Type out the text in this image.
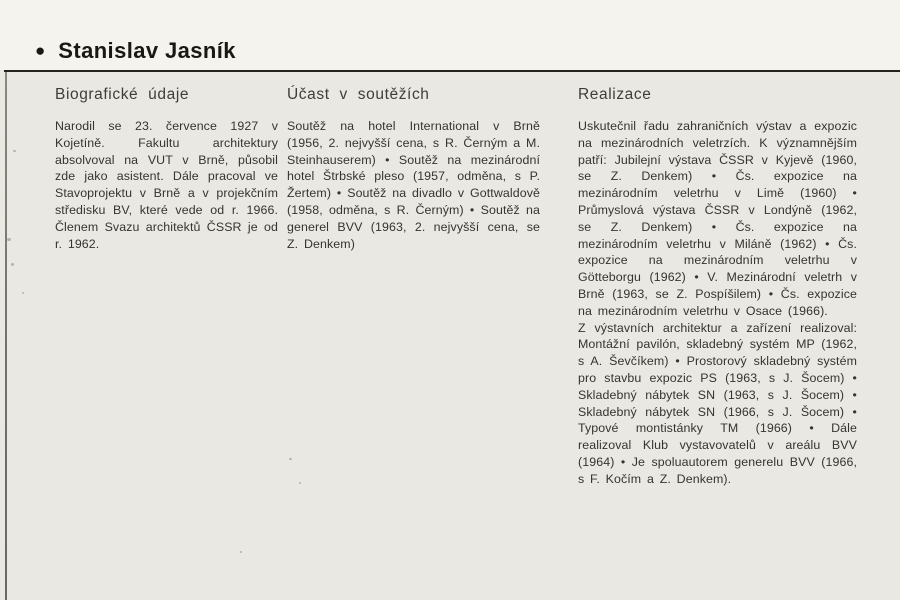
● Stanislav Jasník
Biografické údaje

Narodil se 23. července 1927 v Kojetíně. Fakultu architektury absolvoval na VUT v Brně, působil zde jako asistent. Dále pracoval ve Stavoprojektu v Brně a v projekčním středisku BV, které vede od r. 1966. Členem Svazu architektů ČSSR je od r. 1962.

Účast v soutěžích

Soutěž na hotel International v Brně (1956, 2. nejvyšší cena, s R. Černým a M. Steinhauserem) • Soutěž na mezinárodní hotel Štrbské pleso (1957, odměna, s P. Žertem) • Soutěž na divadlo v Gottwaldově (1958, odměna, s R. Černým) • Soutěž na generel BVV (1963, 2. nejvyšší cena, se Z. Denkem)

Realizace

Uskutečnil řadu zahraničních výstav a expozic na mezinárodních veletrzích. K významnějším patří: Jubilejní výstava ČSSR v Kyjevě (1960, se Z. Denkem) • Čs. expozice na mezinárodním veletrhu v Limě (1960) • Průmyslová výstava ČSSR v Londýně (1962, se Z. Denkem) • Čs. expozice na mezinárodním veletrhu v Miláně (1962) • Čs. expozice na mezinárodním veletrhu v Götteborgu (1962) • V. Mezinárodní veletrh v Brně (1963, se Z. Pospíšilem) • Čs. expozice na mezinárodním veletrhu v Osace (1966).

Z výstavních architektur a zařízení realizoval: Montážní pavilón, skladebný systém MP (1962, s A. Ševčíkem) • Prostorový skladebný systém pro stavbu expozic PS (1963, s J. Šocem) • Skladebný nábytek SN (1963, s J. Šocem) • Skladebný nábytek SN (1966, s J. Šocem) • Typové montistánky TM (1966) • Dále realizoval Klub vystavovatelů v areálu BVV (1964) • Je spoluautorem generelu BVV (1966, s F. Kočím a Z. Denkem).
